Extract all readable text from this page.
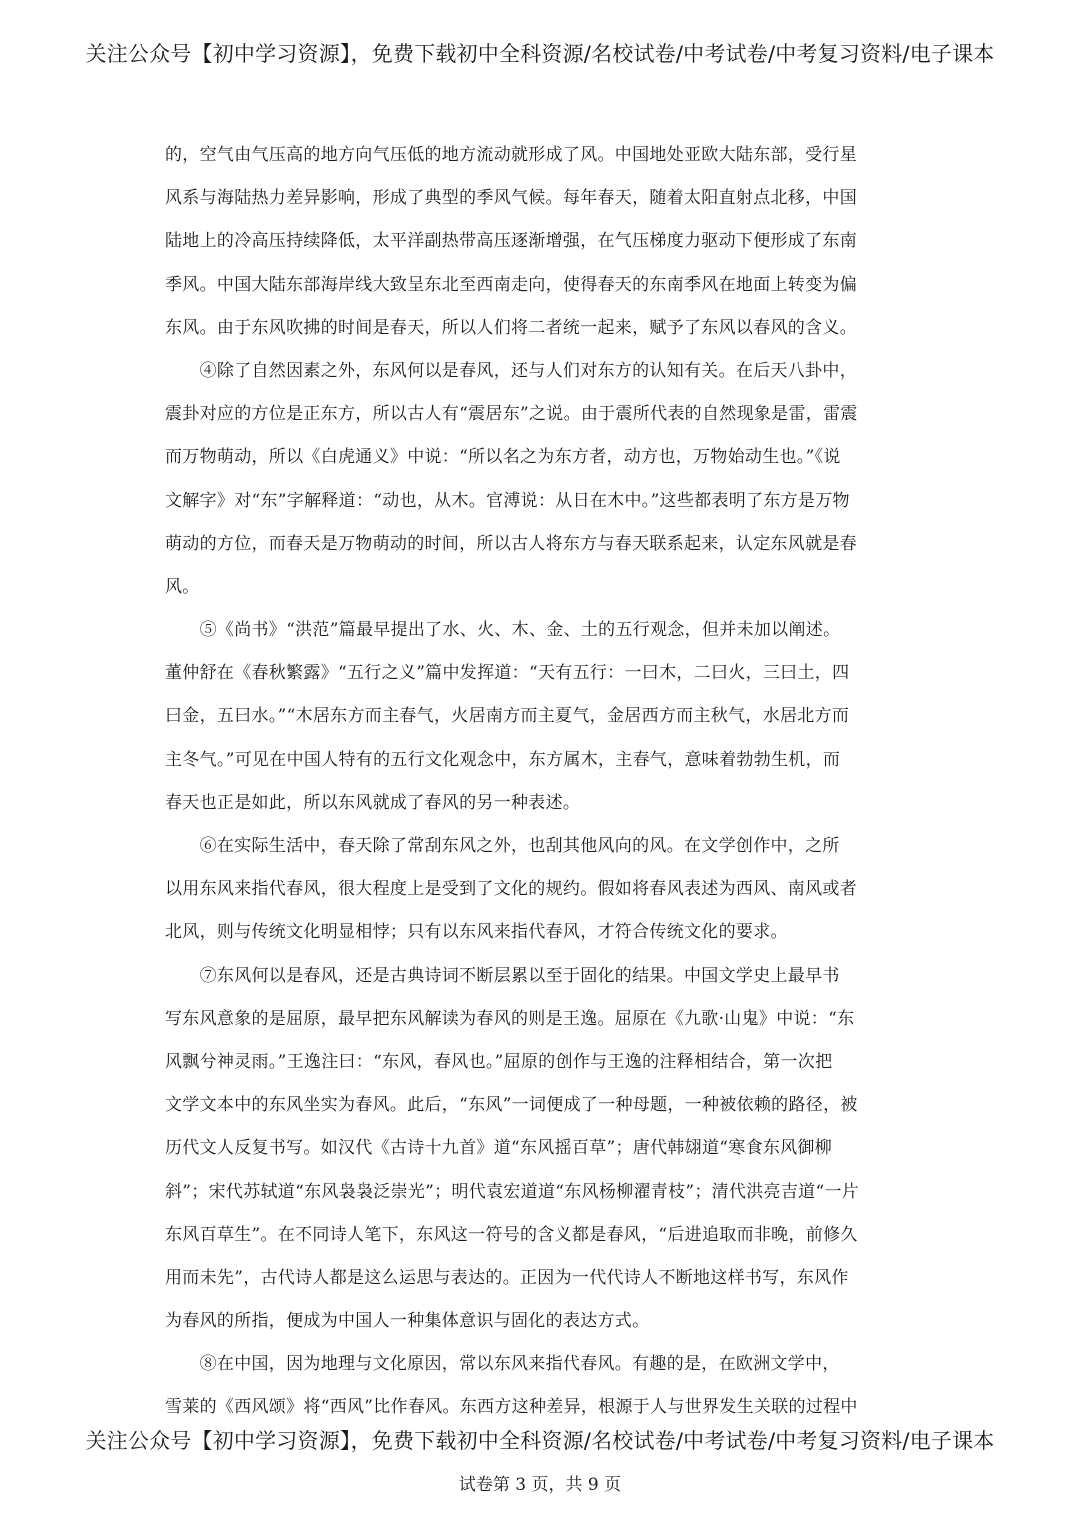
关注公众号【初中学习资源】，免费下载初中全科资源/名校试卷/中考试卷/中考复习资料/电子课本
的，空气由气压高的地方向气压低的地方流动就形成了风。中国地处亚欧大陆东部，受行星
风系与海陆热力差异影响，形成了典型的季风气候。每年春天，随着太阳直射点北移，中国
陆地上的冷高压持续降低，太平洋副热带高压逐渐增强，在气压梯度力驱动下便形成了东南
季风。中国大陆东部海岸线大致呈东北至西南走向，使得春天的东南季风在地面上转变为偏
东风。由于东风吹拂的时间是春天，所以人们将二者统一起来，赋予了东风以春风的含义。
　　④除了自然因素之外，东风何以是春风，还与人们对东方的认知有关。在后天八卦中，
震卦对应的方位是正东方，所以古人有“震居东”之说。由于震所代表的自然现象是雷，雷震
而万物萌动，所以《白虎通义》中说：“所以名之为东方者，动方也，万物始动生也。”《说
文解字》对“东”字解释道：“动也，从木。官溥说：从日在木中。”这些都表明了东方是万物
萌动的方位，而春天是万物萌动的时间，所以古人将东方与春天联系起来，认定东风就是春
风。
　　⑤《尚书》“洪范”篇最早提出了水、火、木、金、土的五行观念，但并未加以阐述。
董仲舒在《春秋繁露》“五行之义”篇中发挥道：“天有五行：一曰木，二曰火，三曰土，四
曰金，五曰水。”“木居东方而主春气，火居南方而主夏气，金居西方而主秋气，水居北方而
主冬气。”可见在中国人特有的五行文化观念中，东方属木，主春气，意味着勃勃生机，而
春天也正是如此，所以东风就成了春风的另一种表述。
　　⑥在实际生活中，春天除了常刮东风之外，也刮其他风向的风。在文学创作中，之所
以用东风来指代春风，很大程度上是受到了文化的规约。假如将春风表述为西风、南风或者
北风，则与传统文化明显相悖；只有以东风来指代春风，才符合传统文化的要求。
　　⑦东风何以是春风，还是古典诗词不断层累以至于固化的结果。中国文学史上最早书
写东风意象的是屈原，最早把东风解读为春风的则是王逸。屈原在《九歌·山鬼》中说：“东
风飘兮神灵雨。”王逸注曰：“东风，春风也。”屈原的创作与王逸的注释相结合，第一次把
文学文本中的东风坐实为春风。此后，“东风”一词便成了一种母题，一种被依赖的路径，被
历代文人反复书写。如汉代《古诗十九首》道“东风摇百草”；唐代韩翃道“寒食东风御柳
斜”；宋代苏轼道“东风袅袅泛崇光”；明代袁宏道道“东风杨柳濯青枝”；清代洪亮吉道“一片
东风百草生”。在不同诗人笔下，东风这一符号的含义都是春风，“后进追取而非晚，前修久
用而未先”，古代诗人都是这么运思与表达的。正因为一代代诗人不断地这样书写，东风作
为春风的所指，便成为中国人一种集体意识与固化的表达方式。
　　⑧在中国，因为地理与文化原因，常以东风来指代春风。有趣的是，在欧洲文学中，
雪莱的《西风颂》将“西风”比作春风。东西方这种差异，根源于人与世界发生关联的过程中
关注公众号【初中学习资源】，免费下载初中全科资源/名校试卷/中考试卷/中考复习资料/电子课本
试卷第 3 页，共 9 页
